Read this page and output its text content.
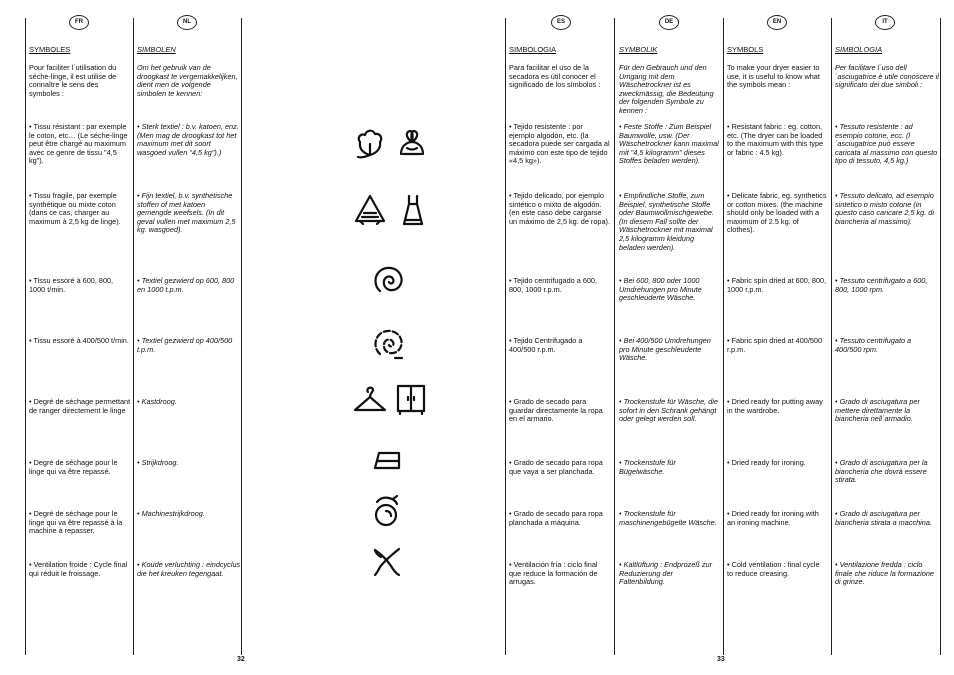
FR	NL	ES	DE	EN	IT
32	33
SYMBOLES
Pour faciliter l´utilisation du séche-linge, il est utilise de connaître le sens des symboles :
• Tissu résistant : par exemple le coton, etc… (Le séche-linge peut être chargé au maximum avec ce genre de tissu "4,5 kg").
• Tissu fragile, par exemple synthétique ou mixte coton (dans ce cas, charger au maximum à 2,5 kg de linge).
• Tissu essoré à 600, 800, 1000 t/min.
• Tissu essoré à 400/500 t/min.
• Degré de séchage permettant de ranger directement le linge
• Degré de séchage pour le linge qui va être repassé.
• Degré de séchage pour le linge qui va être repassé à la machine à repasser.
• Ventilation froide : Cycle final qui réduit le froissage.
SIMBOLEN
Om het gebruik van de droogkast te vergemakkelijken, dient men de volgende simbolen te kennen:
• Sterk textiel : b.v. katoen, enz. (Men mag de droogkast tot het maximum met dit soort wasgoed vullen "4,5 kg").)
• Fijn textiel, b.v. synthetische stoffen of met katoen gemengde weefsels. (In dit geval vullen met maximum 2,5 kg. wasgoed).
• Textiel gezwierd op 600, 800 en 1000 t.p.m.
• Textiel gezwierd op 400/500 t.p.m.
• Kastdroog.
• Strijkdroog.
• Machinestrijkdroog.
• Koude verluchting : eindcyclus die het kreuken tegengaat.
SIMBOLOGIA
Para facilitar el uso de la secadora es útil conocer el significado de los símbolos :
• Tejido resistente : por ejemplo algodón, etc. (la secadora puede ser cargada al máximo con este tipo de tejido «4,5 kg»).
• Tejido delicado, por ejemplo sintético o mixto de algodón. (en este caso debe cargarse un máximo de 2,5 kg. de ropa).
• Tejido centrifugado a 600, 800, 1000 r.p.m.
• Tejido Centrifugado a 400/500 r.p.m.
• Grado de secado para guardar directamente la ropa en el armario.
• Grado de secado para ropa que vaya a ser planchada.
• Grado de secado para ropa planchada a máquina.
• Ventilación fría : ciclo final que reduce la formación de arrugas.
SYMBOLIK
Für den Gebrauch und den Umgang mit dem Wäschetrockner ist es zweckmässig, die Bedeutung der folgenden Symbole zu kennen :
• Feste Stoffe : Zum Beispiel Baumwolle, usw. (Der Wäschetrockner kann maximal mit "4,5 kilogramm" dieses Stoffes beladen werden).
• Empfindliche Stoffe, zum Beispiel, synthetische Stoffe oder Baumwollmischgewebe. (In diesem Fall sollte der Wäschetrockner mit maximal 2,5 kilogramm kleidung beladen werden).
• Bei 600, 800 oder 1000 Umdrehungen pro Minute geschleuderte Wäsche.
• Bei 400/500 Umdrehungen pro Minute geschleuderte Wäsche.
• Trockenstufe für Wäsche, die sofort in den Schrank gehängt oder gelegt werden soll.
• Trockenstufe für Bügelwäsche.
• Trockenstufe für maschinengebügelte Wäsche.
• Kaltlüftung : Endprozeß zur Reduzierung der Faltenbildung.
SYMBOLS
To make your dryer easier to use, it is useful to know what the symbols mean :
• Resistant fabric : eg. cotton, etc. (The dryer can be loaded to the maximum with this type or fabric : 4.5 kg).
• Delicate fabric, eg. synthetics or cotton mixes. (the machine should only be loaded with a maximum of 2.5 kg. of clothes).
• Fabric spin dried at 600, 800, 1000 r.p.m.
• Fabric spin dried at 400/500 r.p.m.
• Dried ready for putting away in the wardrobe.
• Dried ready for ironing.
• Dried ready for ironing with an ironing machine.
• Cold ventilation : final cycle to reduce creasing.
SIMBOLOGIA
Per facilitare l´uso dell´asciugatrice è utile conoscere il significato dei due simboli :
• Tessuto resistente : ad esempio cotone, ecc. (l´asciugatrice può essere caricata al massimo con questo tipo di tessuto, 4,5 kg.)
• Tessuto delicato, ad esempio sintetico o misto cotone (in questo caso caricare 2,5 kg. di biancheria al massimo).
• Tessuto centrifugato a 600, 800, 1000 rpm.
• Tessuto centrifugato a 400/500 rpm.
• Grado di asciugatura per mettere direttamente la biancheria nell´armadio.
• Grado di asciugatura per la biancheria che dovrà essere stirata.
• Grado di asciugatura per biancheria stirata a macchina.
• Ventilazione fredda : ciclo finale che riduce la formazione di grinze.
